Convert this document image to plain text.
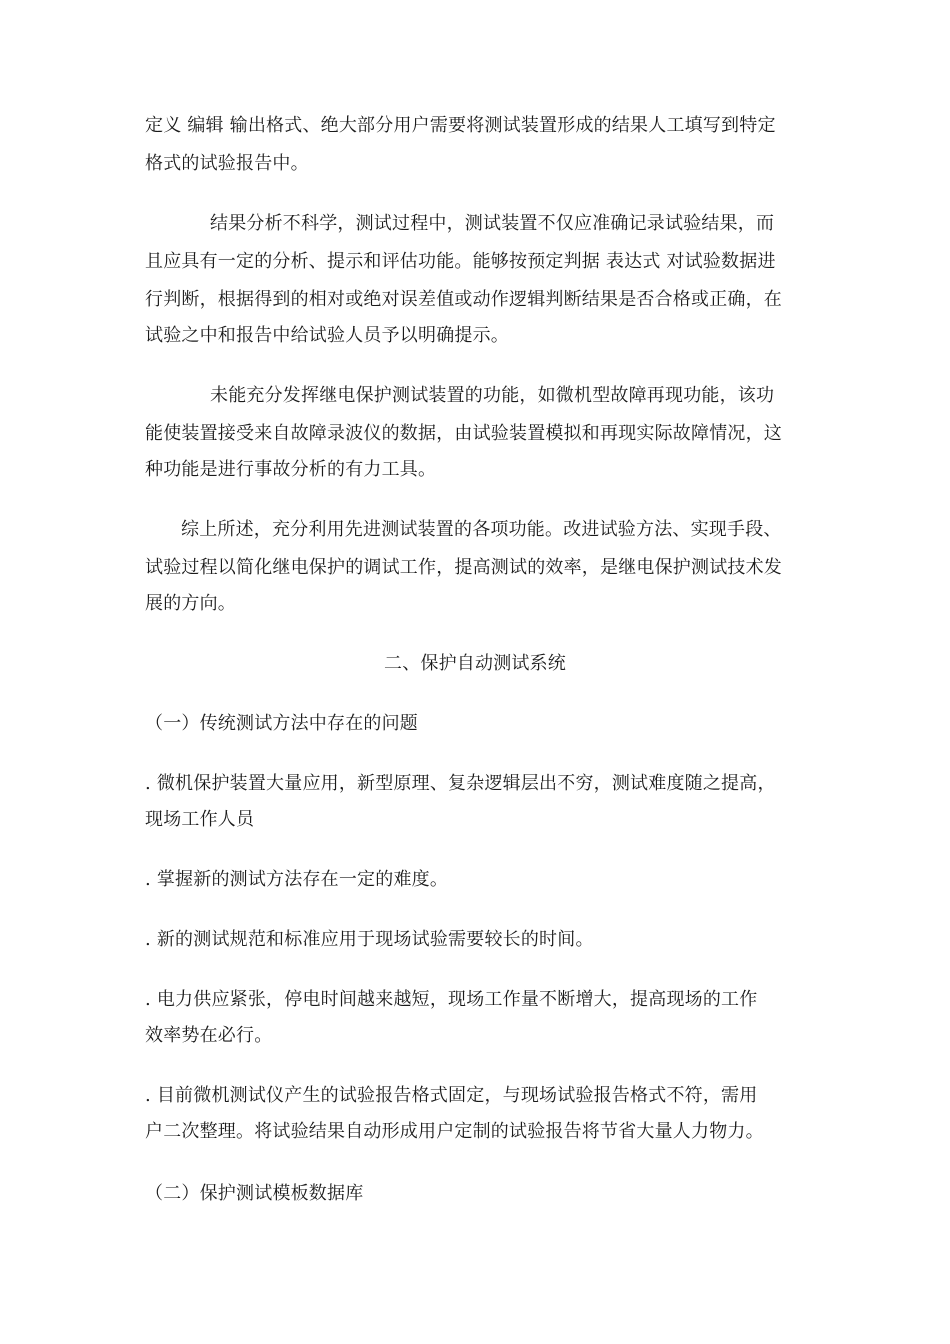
定义 编辑 输出格式、绝大部分用户需要将测试装置形成的结果人工填写到特定
格式的试验报告中。
结果分析不科学，测试过程中，测试装置不仅应准确记录试验结果，而
且应具有一定的分析、提示和评估功能。能够按预定判据 表达式 对试验数据进
行判断，根据得到的相对或绝对误差值或动作逻辑判断结果是否合格或正确，在
试验之中和报告中给试验人员予以明确提示。
未能充分发挥继电保护测试装置的功能，如微机型故障再现功能，该功
能使装置接受来自故障录波仪的数据，由试验装置模拟和再现实际故障情况，这
种功能是进行事故分析的有力工具。
综上所述，充分利用先进测试装置的各项功能。改进试验方法、实现手段、
试验过程以简化继电保护的调试工作，提高测试的效率，是继电保护测试技术发
展的方向。
二、保护自动测试系统
（一）传统测试方法中存在的问题
. 微机保护装置大量应用，新型原理、复杂逻辑层出不穷，测试难度随之提高，
现场工作人员
. 掌握新的测试方法存在一定的难度。
. 新的测试规范和标准应用于现场试验需要较长的时间。
. 电力供应紧张，停电时间越来越短，现场工作量不断增大，提高现场的工作
效率势在必行。
. 目前微机测试仪产生的试验报告格式固定，与现场试验报告格式不符，需用
户二次整理。将试验结果自动形成用户定制的试验报告将节省大量人力物力。
（二）保护测试模板数据库
